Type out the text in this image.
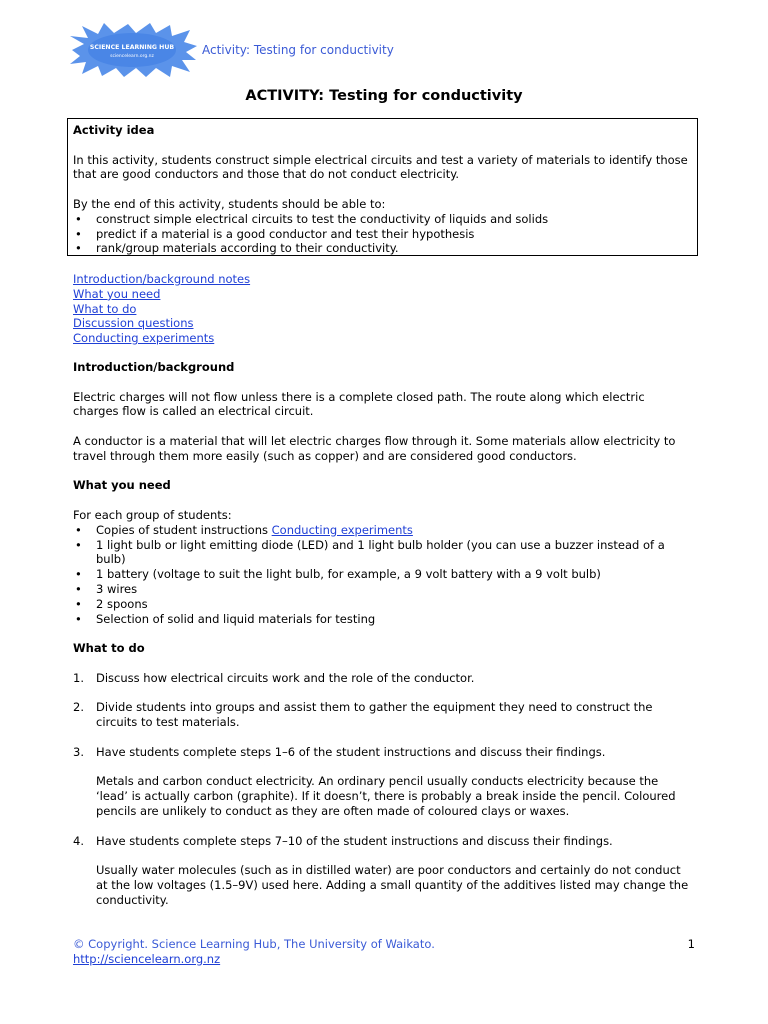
SCIENCE LEARNING HUB
sciencelearn.org.nz	Activity: Testing for conductivity
ACTIVITY: Testing for conductivity

Activity idea

In this activity, students construct simple electrical circuits and test a variety of materials to identify those that are good conductors and those that do not conduct electricity.

By the end of this activity, students should be able to:

• construct simple electrical circuits to test the conductivity of liquids and solids
• predict if a material is a good conductor and test their hypothesis
• rank/group materials according to their conductivity.

Introduction/background notes

What you need

What to do

Discussion questions

Conducting experiments

Introduction/background

Electric charges will not flow unless there is a complete closed path. The route along which electric charges flow is called an electrical circuit.

A conductor is a material that will let electric charges flow through it. Some materials allow electricity to travel through them more easily (such as copper) and are considered good conductors.

What you need

For each group of students:

• Copies of student instructions Conducting experiments
• 1 light bulb or light emitting diode (LED) and 1 light bulb holder (you can use a buzzer instead of a bulb)
• 1 battery (voltage to suit the light bulb, for example, a 9 volt battery with a 9 volt bulb)
• 3 wires
• 2 spoons
• Selection of solid and liquid materials for testing

What to do

1. Discuss how electrical circuits work and the role of the conductor.
2. Divide students into groups and assist them to gather the equipment they need to construct the circuits to test materials.
3. Have students complete steps 1–6 of the student instructions and discuss their findings.

Metals and carbon conduct electricity. An ordinary pencil usually conducts electricity because the ‘lead’ is actually carbon (graphite). If it doesn’t, there is probably a break inside the pencil. Coloured pencils are unlikely to conduct as they are often made of coloured clays or waxes.

4. Have students complete steps 7–10 of the student instructions and discuss their findings.

Usually water molecules (such as in distilled water) are poor conductors and certainly do not conduct at the low voltages (1.5–9V) used here. Adding a small quantity of the additives listed may change the conductivity.

© Copyright. Science Learning Hub, The University of Waikato.

http://sciencelearn.org.nz

1
